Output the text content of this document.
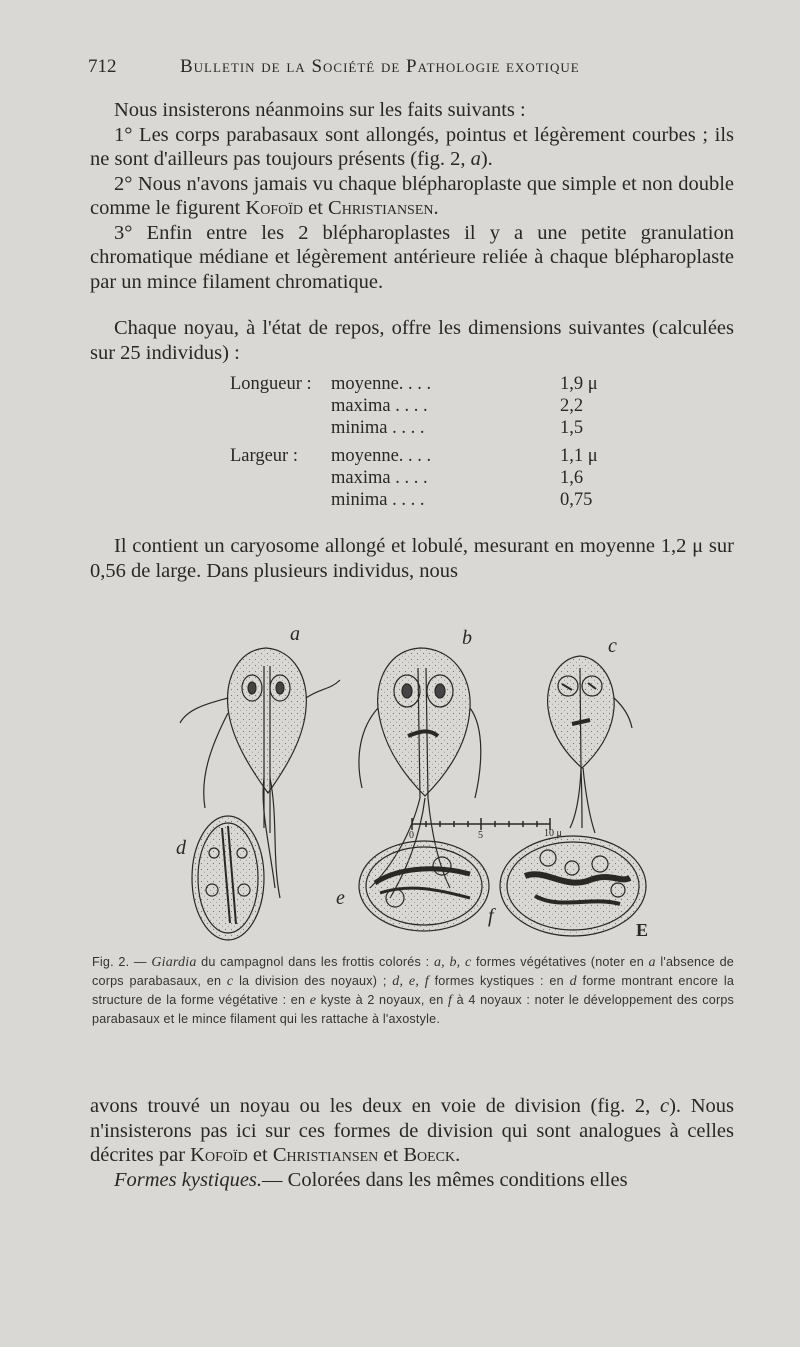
712	Bulletin de la Société de Pathologie exotique

Nous insisterons néanmoins sur les faits suivants :
1° Les corps parabasaux sont allongés, pointus et légèrement courbes ; ils ne sont d'ailleurs pas toujours présents (fig. 2, a). 2° Nous n'avons jamais vu chaque blépharoplaste que simple et non double comme le figurent Kofoïd et Christiansen. 3° Enfin entre les 2 blépharoplastes il y a une petite granulation chromatique médiane et légèrement antérieure reliée à chaque blépharoplaste par un mince filament chromatique.

Chaque noyau, à l'état de repos, offre les dimensions suivantes (calculées sur 25 individus) :

Longueur : moyenne. . . .	1,9 μ
maxima . . . .	2,2
minima . . . .	1,5
Largeur : moyenne. . . .	1,1 μ
maxima . . . .	1,6
minima . . . .	0,75

Il contient un caryosome allongé et lobulé, mesurant en moyenne 1,2 μ sur 0,56 de large. Dans plusieurs individus, nous

0	5	10 μ
a	b	c
d
e
f
E

Fig. 2. — Giardia du campagnol dans les frottis colorés : a, b, c formes végétatives (noter en a l'absence de corps parabasaux, en c la division des noyaux) ; d, e, f formes kystiques : en d forme montrant encore la structure de la forme végétative : en e kyste à 2 noyaux, en f à 4 noyaux : noter le développement des corps parabasaux et le mince filament qui les rattache à l'axostyle.

avons trouvé un noyau ou les deux en voie de division (fig. 2, c). Nous n'insisterons pas ici sur ces formes de division qui sont analogues à celles décrites par Kofoïd et Christiansen et Boeck.
Formes kystiques.— Colorées dans les mêmes conditions elles
